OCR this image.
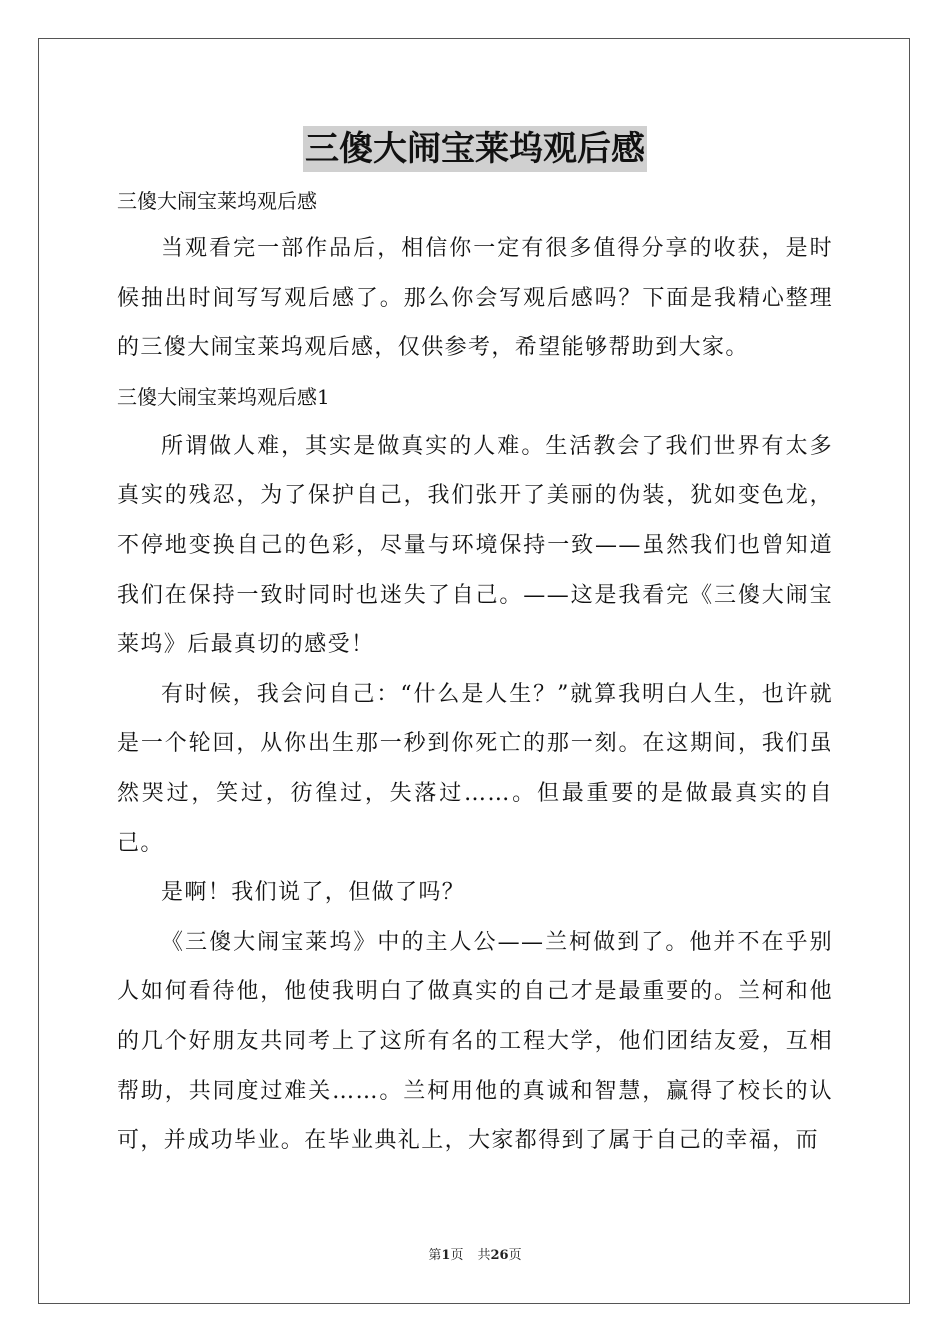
三傻大闹宝莱坞观后感

三傻大闹宝莱坞观后感

当观看完一部作品后，相信你一定有很多值得分享的收获，是时候抽出时间写写观后感了。那么你会写观后感吗？下面是我精心整理的三傻大闹宝莱坞观后感，仅供参考，希望能够帮助到大家。

三傻大闹宝莱坞观后感1

所谓做人难，其实是做真实的人难。生活教会了我们世界有太多真实的残忍，为了保护自己，我们张开了美丽的伪装，犹如变色龙，不停地变换自己的色彩，尽量与环境保持一致——虽然我们也曾知道我们在保持一致时同时也迷失了自己。——这是我看完《三傻大闹宝莱坞》后最真切的感受！

有时候，我会问自己：“什么是人生？”就算我明白人生，也许就是一个轮回，从你出生那一秒到你死亡的那一刻。在这期间，我们虽然哭过，笑过，彷徨过，失落过……。但最重要的是做最真实的自己。

是啊！我们说了，但做了吗？

《三傻大闹宝莱坞》中的主人公——兰柯做到了。他并不在乎别人如何看待他，他使我明白了做真实的自己才是最重要的。兰柯和他的几个好朋友共同考上了这所有名的工程大学，他们团结友爱，互相帮助，共同度过难关……。兰柯用他的真诚和智慧，赢得了校长的认可，并成功毕业。在毕业典礼上，大家都得到了属于自己的幸福，而

第1页 共26页
